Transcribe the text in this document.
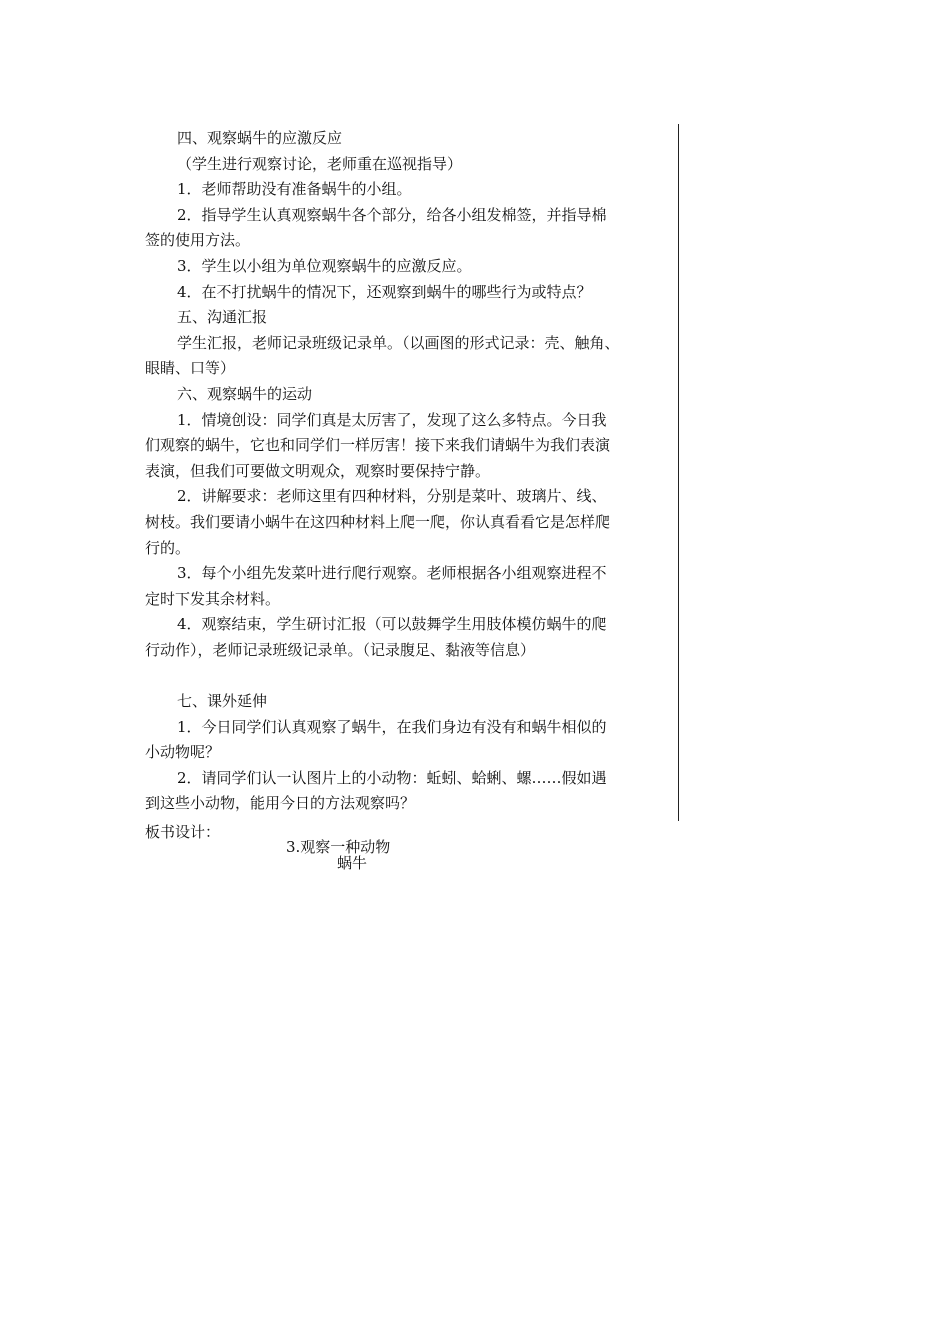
四、观察蜗牛的应激反应

（学生进行观察讨论，老师重在巡视指导）

1．老师帮助没有准备蜗牛的小组。

2．指导学生认真观察蜗牛各个部分，给各小组发棉签，并指导棉

签的使用方法。

3．学生以小组为单位观察蜗牛的应激反应。

4．在不打扰蜗牛的情况下，还观察到蜗牛的哪些行为或特点？

五、沟通汇报

学生汇报，老师记录班级记录单。（以画图的形式记录：壳、触角、

眼睛、口等）

六、观察蜗牛的运动

1．情境创设：同学们真是太厉害了，发现了这么多特点。今日我

们观察的蜗牛，它也和同学们一样厉害！接下来我们请蜗牛为我们表演

表演，但我们可要做文明观众，观察时要保持宁静。

2．讲解要求：老师这里有四种材料，分别是菜叶、玻璃片、线、

树枝。我们要请小蜗牛在这四种材料上爬一爬，你认真看看它是怎样爬

行的。

3．每个小组先发菜叶进行爬行观察。老师根据各小组观察进程不

定时下发其余材料。

4．观察结束，学生研讨汇报（可以鼓舞学生用肢体模仿蜗牛的爬

行动作），老师记录班级记录单。（记录腹足、黏液等信息）

七、课外延伸

1．今日同学们认真观察了蜗牛，在我们身边有没有和蜗牛相似的

小动物呢？

2．请同学们认一认图片上的小动物：蚯蚓、蛤蜊、螺……假如遇

到这些小动物，能用今日的方法观察吗？

板书设计：
3.观察一种动物
蜗牛
